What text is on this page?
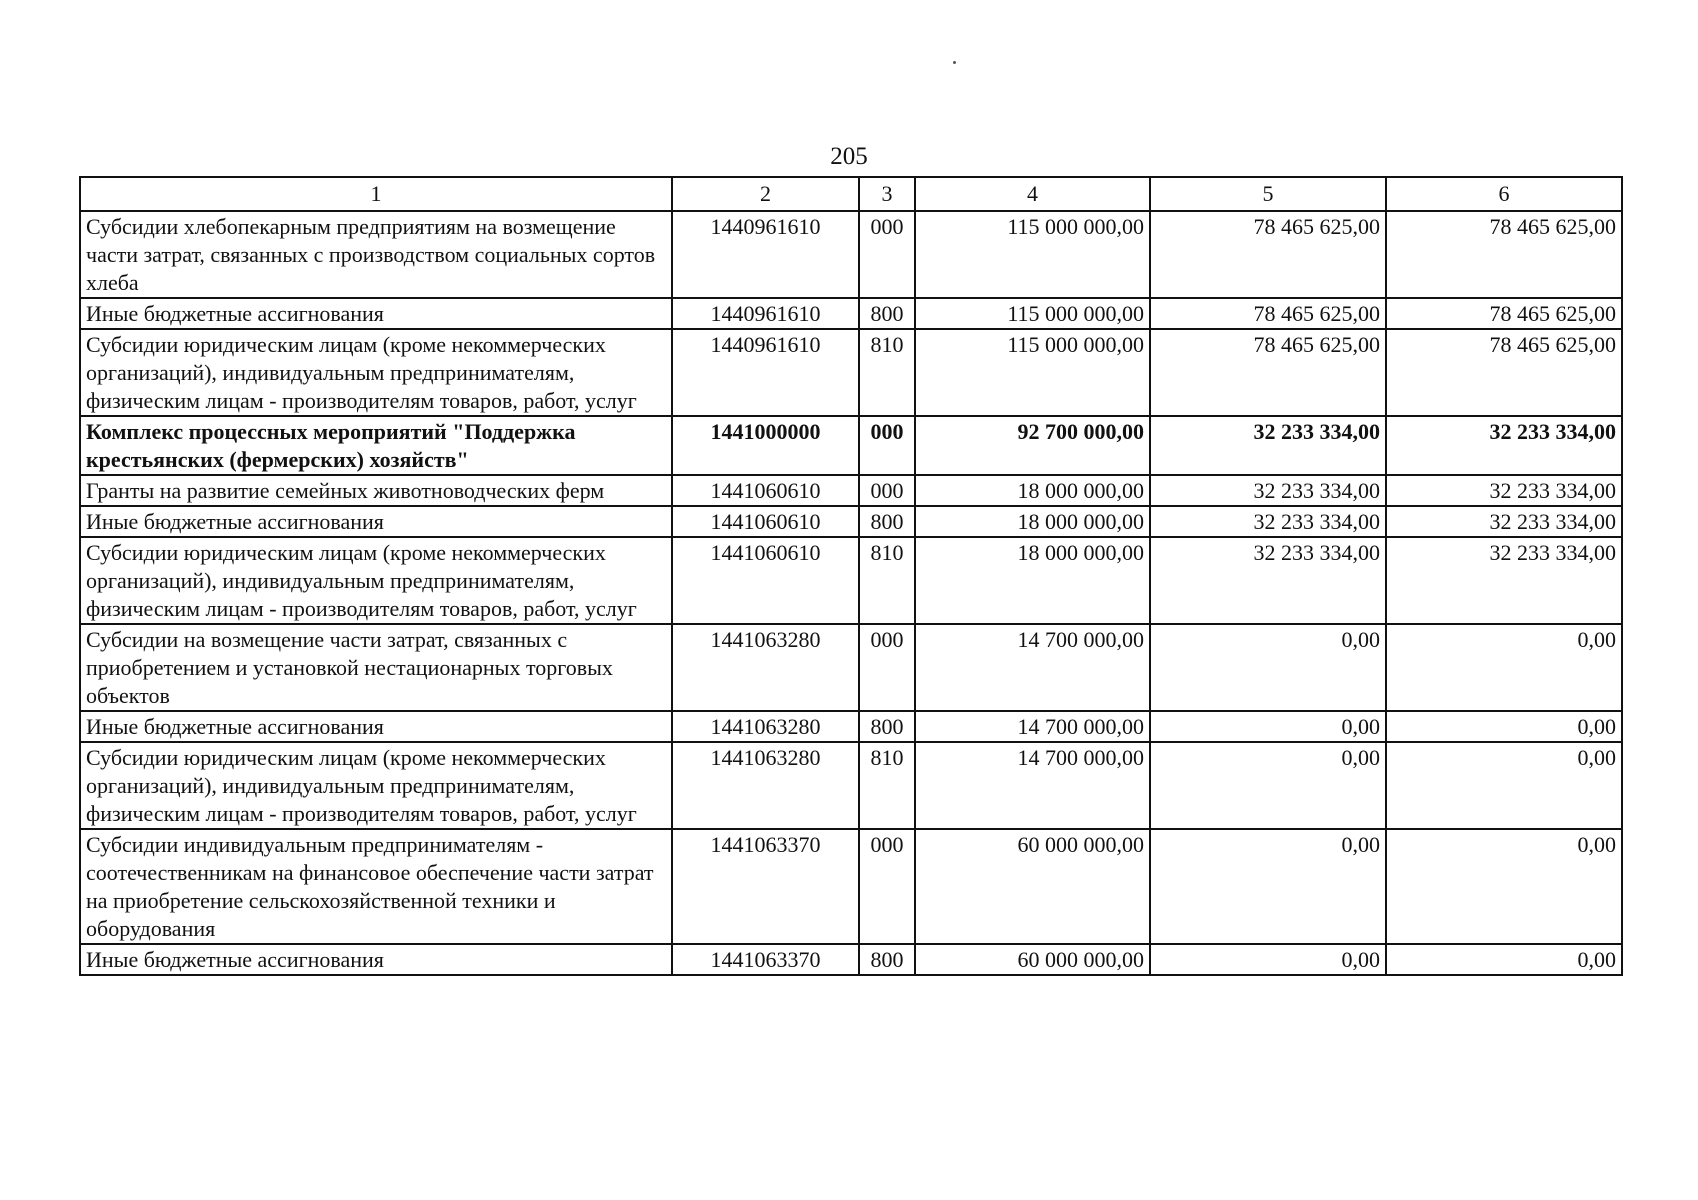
205
1	2	3	4	5	6
Субсидии хлебопекарным предприятиям на возмещение части затрат, связанных с производством социальных сортов хлеба	1440961610	000	115 000 000,00	78 465 625,00	78 465 625,00
Иные бюджетные ассигнования	1440961610	800	115 000 000,00	78 465 625,00	78 465 625,00
Субсидии юридическим лицам (кроме некоммерческих организаций), индивидуальным предпринимателям, физическим лицам - производителям товаров, работ, услуг	1440961610	810	115 000 000,00	78 465 625,00	78 465 625,00
Комплекс процессных мероприятий "Поддержка крестьянских (фермерских) хозяйств"	1441000000	000	92 700 000,00	32 233 334,00	32 233 334,00
Гранты на развитие семейных животноводческих ферм	1441060610	000	18 000 000,00	32 233 334,00	32 233 334,00
Иные бюджетные ассигнования	1441060610	800	18 000 000,00	32 233 334,00	32 233 334,00
Субсидии юридическим лицам (кроме некоммерческих организаций), индивидуальным предпринимателям, физическим лицам - производителям товаров, работ, услуг	1441060610	810	18 000 000,00	32 233 334,00	32 233 334,00
Субсидии на возмещение части затрат, связанных с приобретением и установкой нестационарных торговых объектов	1441063280	000	14 700 000,00	0,00	0,00
Иные бюджетные ассигнования	1441063280	800	14 700 000,00	0,00	0,00
Субсидии юридическим лицам (кроме некоммерческих организаций), индивидуальным предпринимателям, физическим лицам - производителям товаров, работ, услуг	1441063280	810	14 700 000,00	0,00	0,00
Субсидии индивидуальным предпринимателям - соотечественникам на финансовое обеспечение части затрат на приобретение сельскохозяйственной техники и оборудования	1441063370	000	60 000 000,00	0,00	0,00
Иные бюджетные ассигнования	1441063370	800	60 000 000,00	0,00	0,00
